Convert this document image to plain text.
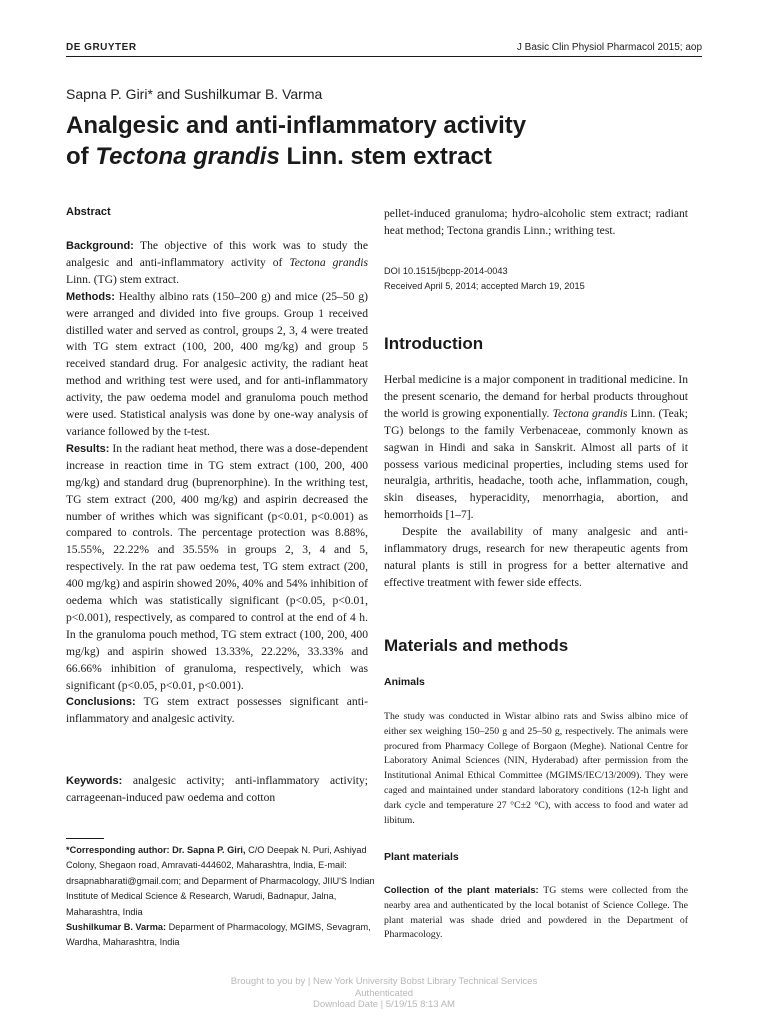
DE GRUYTER	J Basic Clin Physiol Pharmacol 2015; aop
Sapna P. Giri* and Sushilkumar B. Varma
Analgesic and anti-inflammatory activity
of Tectona grandis Linn. stem extract
Abstract

Background: The objective of this work was to study the analgesic and anti-inflammatory activity of Tectona grandis Linn. (TG) stem extract.

Methods: Healthy albino rats (150–200 g) and mice (25–50 g) were arranged and divided into five groups. Group 1 received distilled water and served as control, groups 2, 3, 4 were treated with TG stem extract (100, 200, 400 mg/kg) and group 5 received standard drug. For analgesic activity, the radiant heat method and writhing test were used, and for anti-inflammatory activity, the paw oedema model and granuloma pouch method were used. Statistical analysis was done by one-way analysis of variance followed by the t-test.

Results: In the radiant heat method, there was a dose-dependent increase in reaction time in TG stem extract (100, 200, 400 mg/kg) and standard drug (buprenorphine). In the writhing test, TG stem extract (200, 400 mg/kg) and aspirin decreased the number of writhes which was significant (p<0.01, p<0.001) as compared to controls. The percentage protection was 8.88%, 15.55%, 22.22% and 35.55% in groups 2, 3, 4 and 5, respectively. In the rat paw oedema test, TG stem extract (200, 400 mg/kg) and aspirin showed 20%, 40% and 54% inhibition of oedema which was statistically significant (p<0.05, p<0.01, p<0.001), respectively, as compared to control at the end of 4 h. In the granuloma pouch method, TG stem extract (100, 200, 400 mg/kg) and aspirin showed 13.33%, 22.22%, 33.33% and 66.66% inhibition of granuloma, respectively, which was significant (p<0.05, p<0.01, p<0.001).

Conclusions: TG stem extract possesses significant anti-inflammatory and analgesic activity.

Keywords: analgesic activity; anti-inflammatory activity; carrageenan-induced paw oedema and cotton

*Corresponding author: Dr. Sapna P. Giri, C/O Deepak N. Puri, Ashiyad Colony, Shegaon road, Amravati-444602, Maharashtra, India, E-mail: drsapnabharati@gmail.com; and Deparment of Pharmacology, JIIU'S Indian Institute of Medical Science & Research, Warudi, Badnapur, Jalna, Maharashtra, India
Sushilkumar B. Varma: Deparment of Pharmacology, MGIMS, Sevagram, Wardha, Maharashtra, India
pellet-induced granuloma; hydro-alcoholic stem extract; radiant heat method; Tectona grandis Linn.; writhing test.
DOI 10.1515/jbcpp-2014-0043
Received April 5, 2014; accepted March 19, 2015
Introduction

Herbal medicine is a major component in traditional medicine. In the present scenario, the demand for herbal products throughout the world is growing exponentially. Tectona grandis Linn. (Teak; TG) belongs to the family Verbenaceae, commonly known as sagwan in Hindi and saka in Sanskrit. Almost all parts of it possess various medicinal properties, including stems used for neuralgia, arthritis, headache, tooth ache, inflammation, cough, skin diseases, hyperacidity, menorrhagia, abortion, and hemorrhoids [1–7].

Despite the availability of many analgesic and anti-inflammatory drugs, research for new therapeutic agents from natural plants is still in progress for a better alternative and effective treatment with fewer side effects.

Materials and methods
Animals
The study was conducted in Wistar albino rats and Swiss albino mice of either sex weighing 150–250 g and 25–50 g, respectively. The animals were procured from Pharmacy College of Borgaon (Meghe). National Centre for Laboratory Animal Sciences (NIN, Hyderabad) after permission from the Institutional Animal Ethical Committee (MGIMS/IEC/13/2009). They were caged and maintained under standard laboratory conditions (12-h light and dark cycle and temperature 27 °C±2 °C), with access to food and water ad libitum.
Plant materials
Collection of the plant materials: TG stems were collected from the nearby area and authenticated by the local botanist of Science College. The plant material was shade dried and powdered in the Department of Pharmacology.
Brought to you by | New York University Bobst Library Technical Services
Authenticated
Download Date | 5/19/15 8:13 AM
